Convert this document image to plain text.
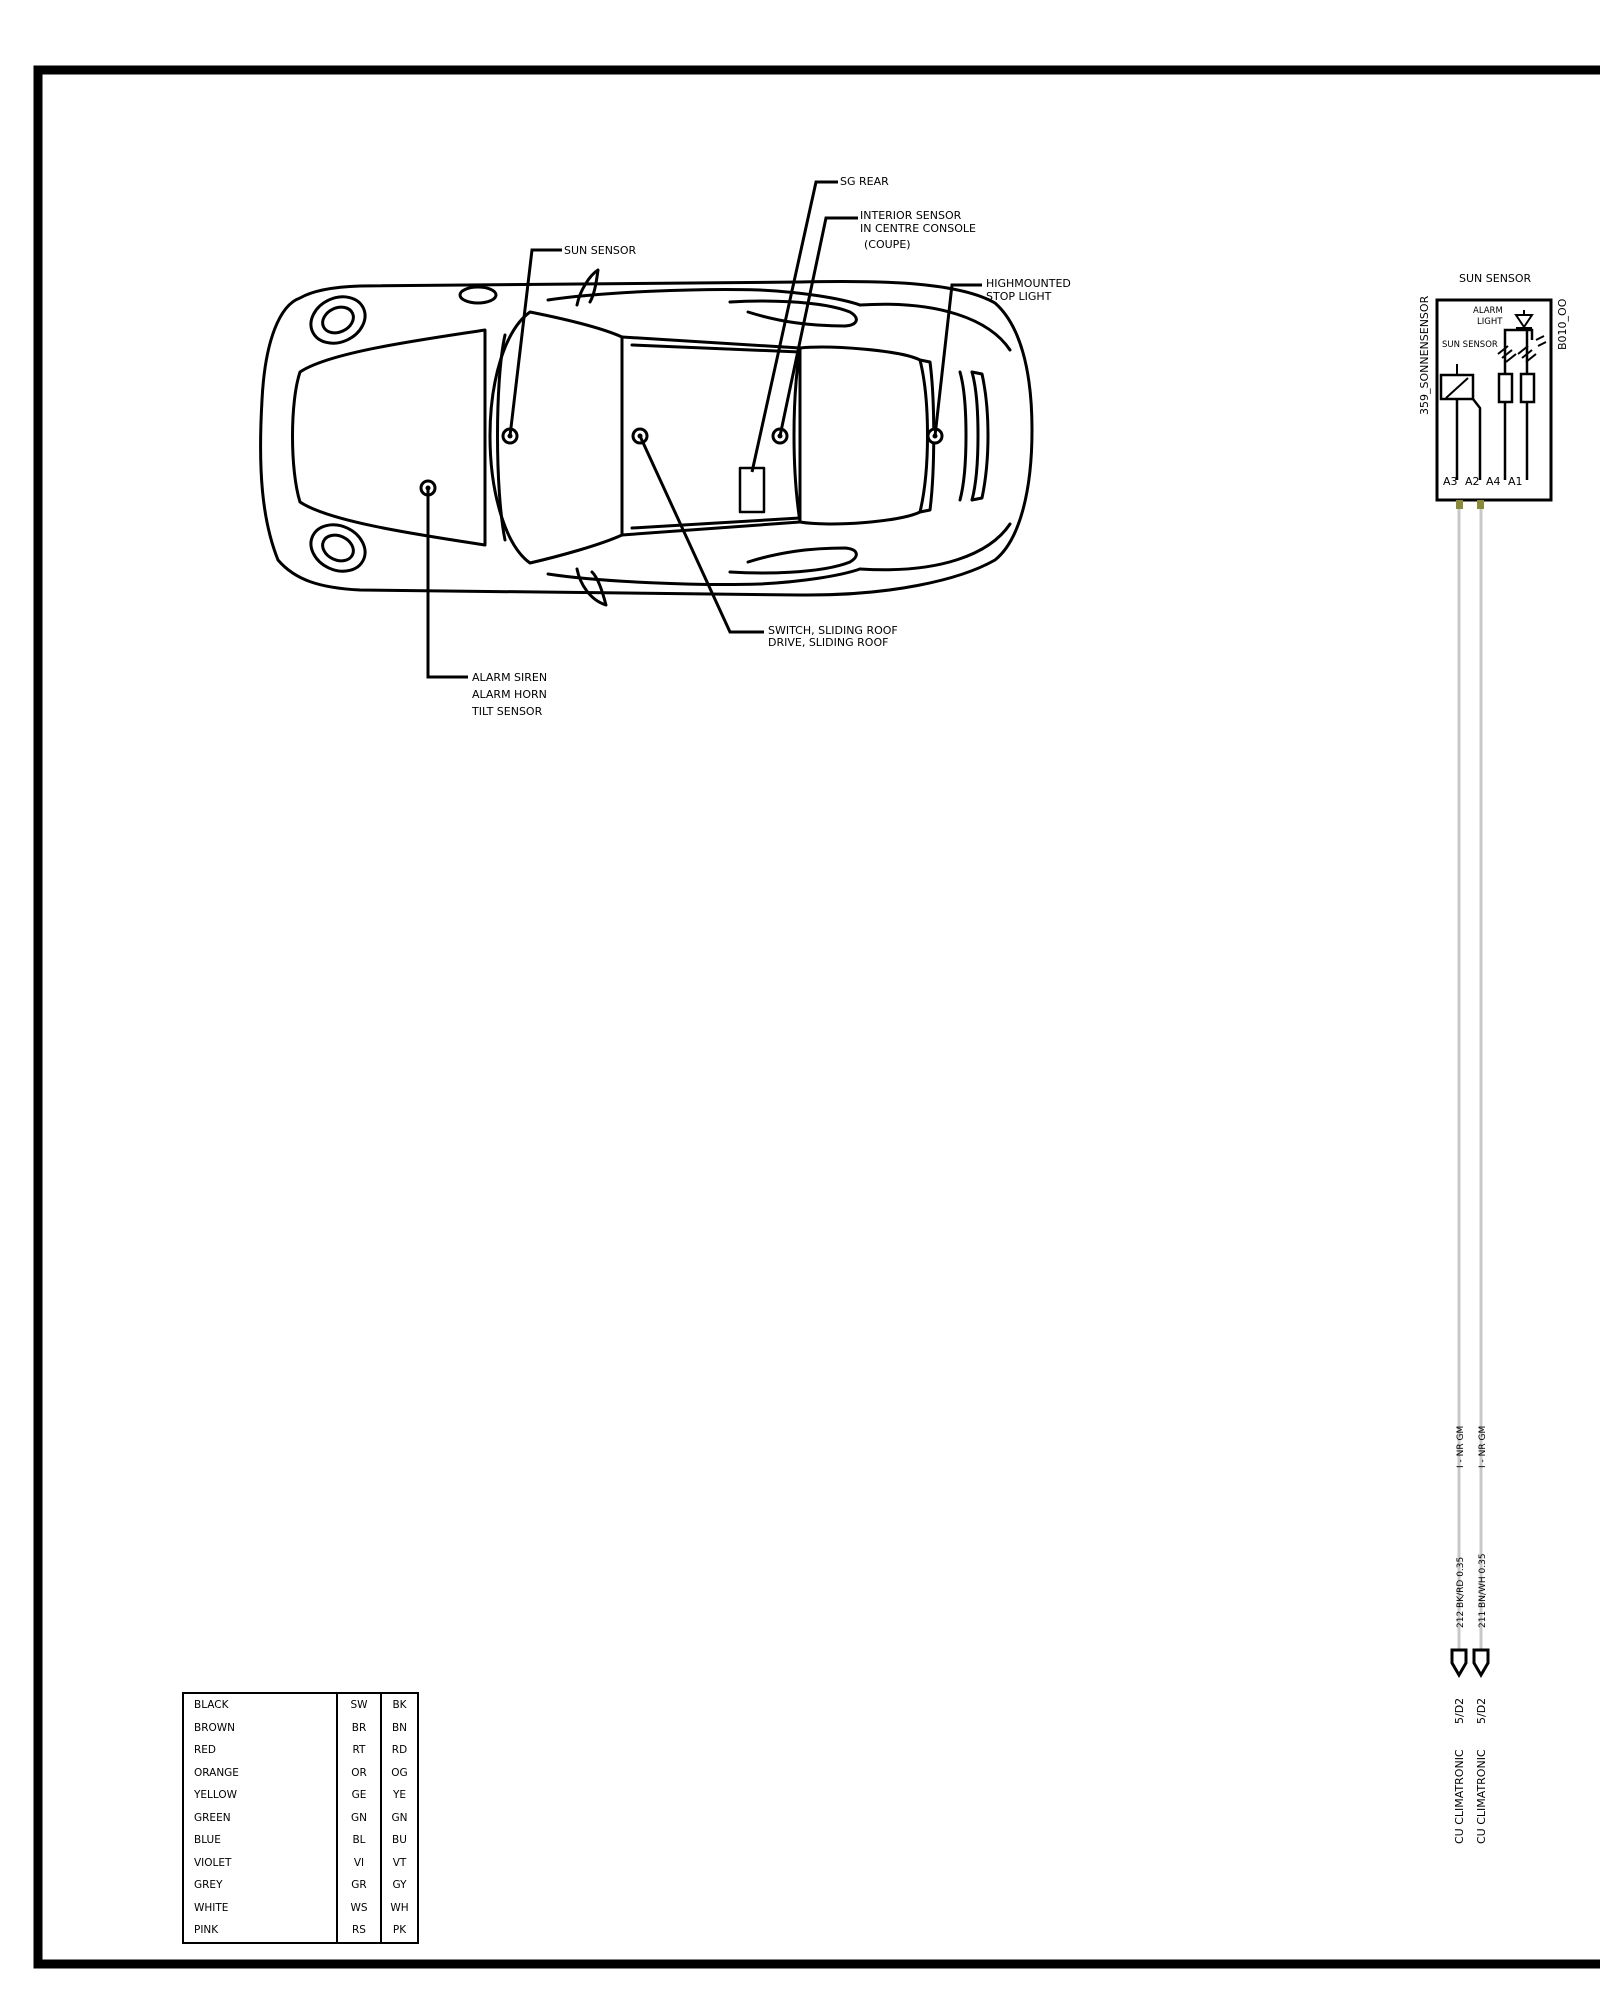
SG REAR
INTERIOR SENSOR
IN CENTRE CONSOLE
(COUPE)
SUN SENSOR
HIGHMOUNTED
STOP LIGHT
SWITCH, SLIDING ROOF
DRIVE, SLIDING ROOF
ALARM SIREN
ALARM HORN
TILT SENSOR
SUN SENSOR
359_SONNENSENSOR	B010_OO
ALARM
LIGHT
SUN SENSOR
A3 A2 A4 A1
I - NR GM I - NR GM
212 BK/RD 0.35 211 BN/WH 0.35
5/D2 5/D2
CU CLIMATRONIC CU CLIMATRONIC
BLACK	SW	BK
BROWN	BR	BN
RED	RT	RD
ORANGE	OR	OG
YELLOW	GE	YE
GREEN	GN	GN
BLUE	BL	BU
VIOLET	VI	VT
GREY	GR	GY
WHITE	WS	WH
PINK	RS	PK
